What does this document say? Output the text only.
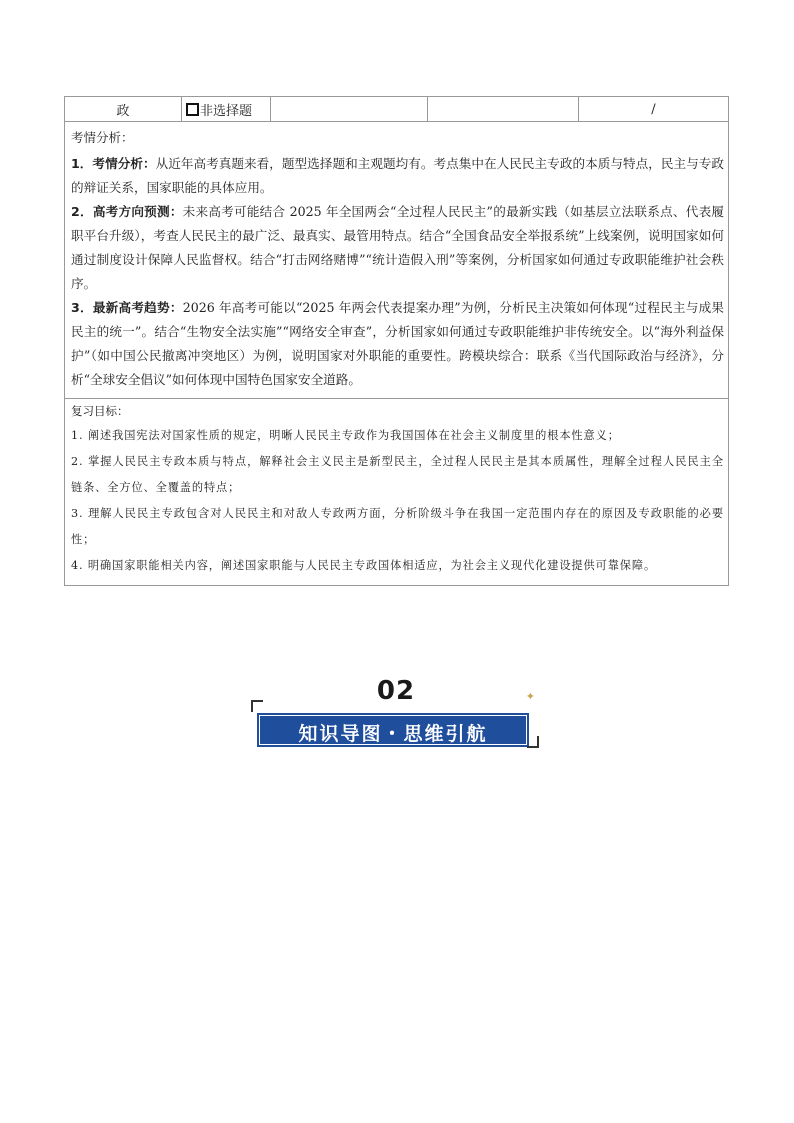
政	非选择题			/
考情分析：

1．考情分析：从近年高考真题来看，题型选择题和主观题均有。考点集中在人民民主专政的本质与特点，民主与专政的辩证关系，国家职能的具体应用。

2．高考方向预测：未来高考可能结合 2025 年全国两会“全过程人民民主”的最新实践（如基层立法联系点、代表履职平台升级），考查人民民主的最广泛、最真实、最管用特点。结合“全国食品安全举报系统”上线案例，说明国家如何通过制度设计保障人民监督权。结合“打击网络赌博”“统计造假入刑”等案例，分析国家如何通过专政职能维护社会秩序。

3．最新高考趋势：2026 年高考可能以“2025 年两会代表提案办理”为例，分析民主决策如何体现“过程民主与成果民主的统一”。结合“生物安全法实施”“网络安全审查”，分析国家如何通过专政职能维护非传统安全。以“海外利益保护”（如中国公民撤离冲突地区）为例，说明国家对外职能的重要性。跨模块综合：联系《当代国际政治与经济》，分析“全球安全倡议”如何体现中国特色国家安全道路。

复习目标：

1. 阐述我国宪法对国家性质的规定，明晰人民民主专政作为我国国体在社会主义制度里的根本性意义；

2. 掌握人民民主专政本质与特点，解释社会主义民主是新型民主，全过程人民民主是其本质属性，理解全过程人民民主全链条、全方位、全覆盖的特点；

3. 理解人民民主专政包含对人民民主和对敌人专政两方面，分析阶级斗争在我国一定范围内存在的原因及专政职能的必要性；

4. 明确国家职能相关内容，阐述国家职能与人民民主专政国体相适应，为社会主义现代化建设提供可靠保障。

02	✦
知识导图・思维引航
